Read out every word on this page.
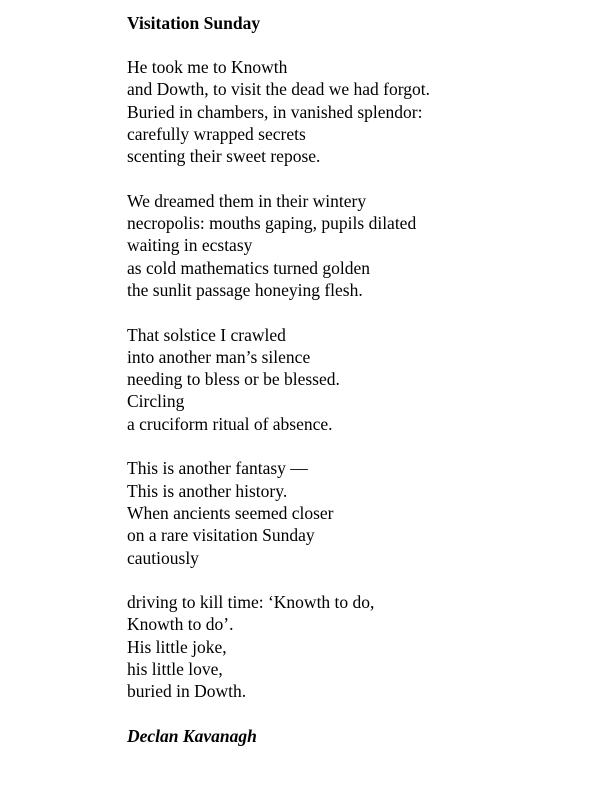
Visitation Sunday
He took me to Knowth
and Dowth, to visit the dead we had forgot.
Buried in chambers, in vanished splendor:
carefully wrapped secrets
scenting their sweet repose.
We dreamed them in their wintery
necropolis: mouths gaping, pupils dilated
waiting in ecstasy
as cold mathematics turned golden
the sunlit passage honeying flesh.
That solstice I crawled
into another man’s silence
needing to bless or be blessed.
Circling
a cruciform ritual of absence.
This is another fantasy —
This is another history.
When ancients seemed closer
on a rare visitation Sunday
cautiously
driving to kill time: ‘Knowth to do,
Knowth to do’.
His little joke,
his little love,
buried in Dowth.
Declan Kavanagh
